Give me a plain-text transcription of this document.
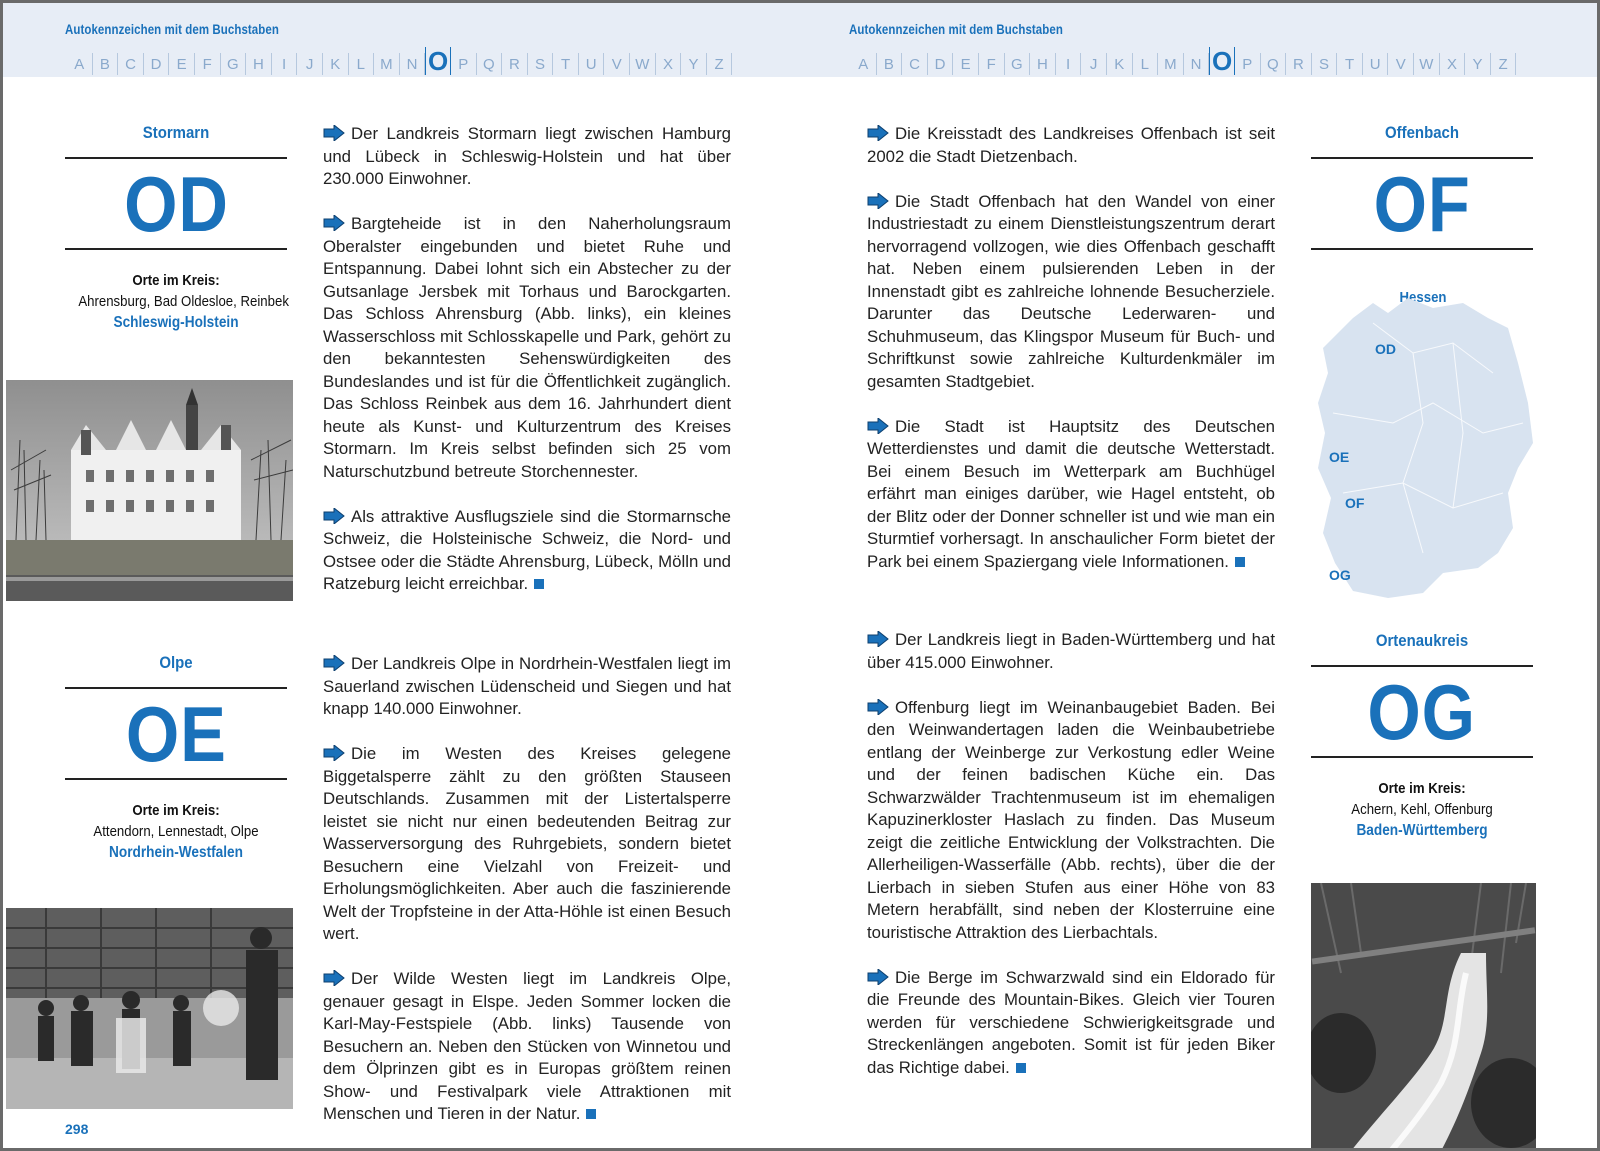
Autokennzeichen mit dem Buchstaben
A	B	C D	E	F	G H	I	J	K	L	M N O P Q R	S	T	U	V W X	Y	Z
Stormarn
OD
Orte im Kreis:
Ahrensburg, Bad Oldesloe, Reinbek
Schleswig-Holstein

Der Landkreis Stormarn liegt zwischen Hamburg und Lübeck in Schleswig-Holstein und hat über 230.000 Einwohner.

Bargteheide ist in den Naherholungsraum Oberalster eingebunden und bietet Ruhe und Entspannung. Dabei lohnt sich ein Abstecher zu der Gutsanlage Jersbek mit Torhaus und Barockgarten. Das Schloss Ahrensburg (Abb. links), ein kleines Wasserschloss mit Schlosskapelle und Park, gehört zu den bekanntesten Sehenswürdigkeiten des Bundeslandes und ist für die Öffentlichkeit zugänglich. Das Schloss Reinbek aus dem 16. Jahrhundert dient heute als Kunst- und Kulturzentrum des Kreises Stormarn. Im Kreis selbst befinden sich 25 vom Naturschutzbund betreute Storchennester.

Als attraktive Ausflugsziele sind die Stormarnsche Schweiz, die Holsteinische Schweiz, die Nord- und Ostsee oder die Städte Ahrensburg, Lübeck, Mölln und Ratzeburg leicht erreichbar.

Olpe
OE
Orte im Kreis:
Attendorn, Lennestadt, Olpe
Nordrhein-Westfalen

Der Landkreis Olpe in Nordrhein-Westfalen liegt im Sauerland zwischen Lüdenscheid und Siegen und hat knapp 140.000 Einwohner.

Die im Westen des Kreises gelegene Biggetalsperre zählt zu den größten Stauseen Deutschlands. Zusammen mit der Listertalsperre leistet sie nicht nur einen bedeutenden Beitrag zur Wasserversorgung des Ruhrgebiets, sondern bietet Besuchern eine Vielzahl von Freizeit- und Erholungsmöglichkeiten. Aber auch die faszinierende Welt der Tropfsteine in der Atta-Höhle ist einen Besuch wert.

Der Wilde Westen liegt im Landkreis Olpe, genauer gesagt in Elspe. Jeden Sommer locken die Karl-May-Festspiele (Abb. links) Tausende von Besuchern an. Neben den Stücken von Winnetou und dem Ölprinzen gibt es in Europas größtem reinen Show- und Festivalpark viele Attraktionen mit Menschen und Tieren in der Natur.

298
Autokennzeichen mit dem Buchstaben
A	B	C D	E	F	G H	I	J	K	L	M N O P Q R	S	T	U	V W X	Y	Z

Die Kreisstadt des Landkreises Offenbach ist seit 2002 die Stadt Dietzenbach.

Die Stadt Offenbach hat den Wandel von einer Industriestadt zu einem Dienstleistungszentrum derart hervorragend vollzogen, wie dies Offenbach geschafft hat. Neben einem pulsierenden Leben in der Innenstadt gibt es zahlreiche lohnende Besucherziele. Darunter das Deutsche Lederwaren- und Schuhmuseum, das Klingspor Museum für Buch- und Schriftkunst sowie zahlreiche Kulturdenkmäler im gesamten Stadtgebiet.

Die Stadt ist Hauptsitz des Deutschen Wetterdienstes und damit die deutsche Wetterstadt. Bei einem Besuch im Wetterpark am Buchhügel erfährt man einiges darüber, wie Hagel entsteht, ob der Blitz oder der Donner schneller ist und wie man ein Sturmtief vorhersagt. In anschaulicher Form bietet der Park bei einem Spaziergang viele Informationen.

Offenbach
OF

Der Landkreis liegt in Baden-Württemberg und hat über 415.000 Einwohner.

Offenburg liegt im Weinanbaugebiet Baden. Bei den Weinwandertagen laden die Weinbaubetriebe entlang der Weinberge zur Verkostung edler Weine und der feinen badischen Küche ein. Das Schwarzwälder Trachtenmuseum ist im ehemaligen Kapuzinerkloster Haslach zu finden. Das Museum zeigt die zeitliche Entwicklung der Volkstrachten. Die Allerheiligen-Wasserfälle (Abb. rechts), über die der Lierbach in sieben Stufen aus einer Höhe von 83 Metern herabfällt, sind neben der Klosterruine eine touristische Attraktion des Lierbachtals.

Die Berge im Schwarzwald sind ein Eldorado für die Freunde des Mountain-Bikes. Gleich vier Touren werden für verschiedene Schwierigkeitsgrade und Streckenlängen angeboten. Somit ist für jeden Biker das Richtige dabei.

Ortenaukreis
OG
Orte im Kreis:
Achern, Kehl, Offenburg
Baden-Württemberg
Hessen
OD
OE
OF
OG
